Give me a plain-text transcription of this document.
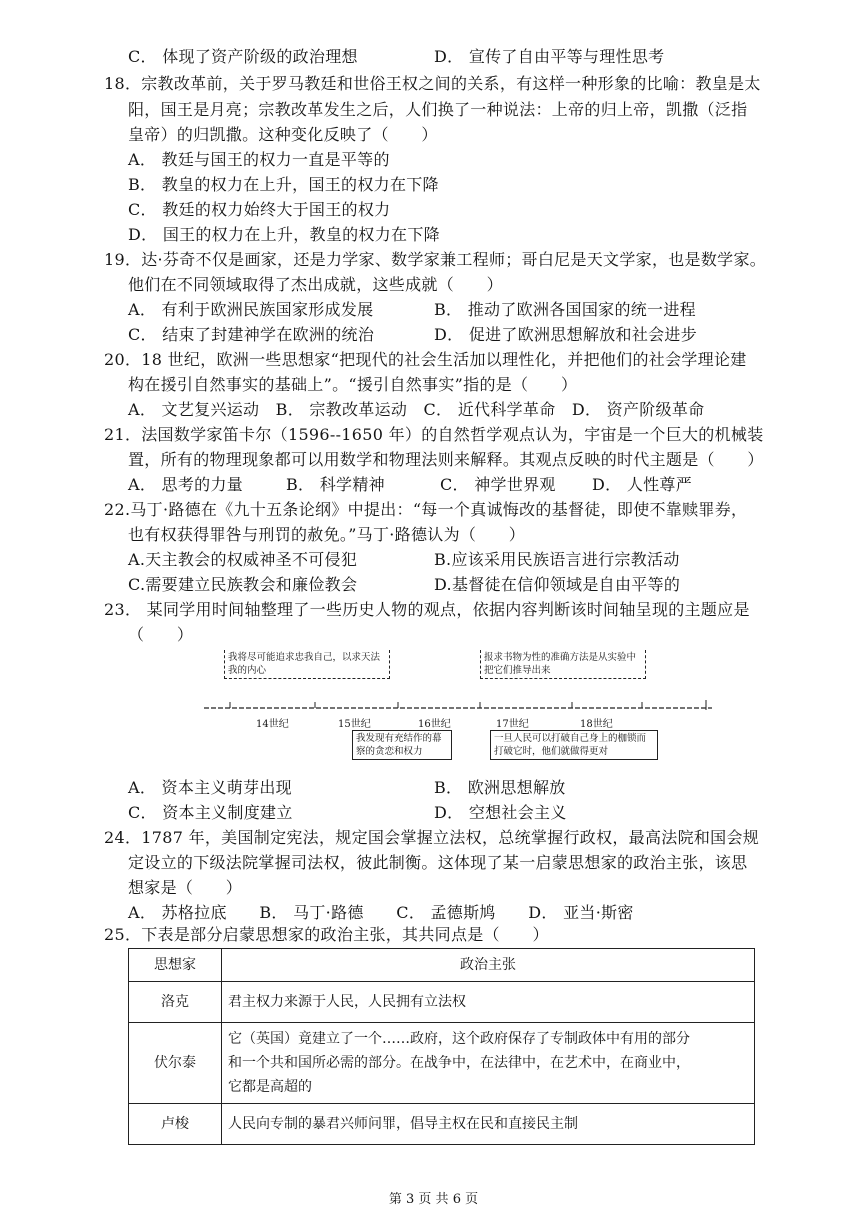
C． 体现了资产阶级的政治理想	D． 宣传了自由平等与理性思考
18．宗教改革前，关于罗马教廷和世俗王权之间的关系，有这样一种形象的比喻：教皇是太
阳，国王是月亮；宗教改革发生之后，人们换了一种说法：上帝的归上帝，凯撒（泛指
皇帝）的归凯撒。这种变化反映了（　　）
A． 教廷与国王的权力一直是平等的
B． 教皇的权力在上升，国王的权力在下降
C． 教廷的权力始终大于国王的权力
D． 国王的权力在上升，教皇的权力在下降
19．达·芬奇不仅是画家，还是力学家、数学家兼工程师；哥白尼是天文学家，也是数学家。
他们在不同领域取得了杰出成就，这些成就（　　）
A． 有利于欧洲民族国家形成发展	B． 推动了欧洲各国国家的统一进程
C． 结束了封建神学在欧洲的统治	D． 促进了欧洲思想解放和社会进步
20．18 世纪，欧洲一些思想家“把现代的社会生活加以理性化，并把他们的社会学理论建
构在援引自然事实的基础上”。“援引自然事实”指的是（　　）
A． 文艺复兴运动　B． 宗教改革运动　C． 近代科学革命　D． 资产阶级革命
21．法国数学家笛卡尔（1596--1650 年）的自然哲学观点认为，宇宙是一个巨大的机械装
置，所有的物理现象都可以用数学和物理法则来解释。其观点反映的时代主题是（　　）
A． 思考的力量	B． 科学精神	C． 神学世界观 D． 人性尊严
22.马丁·路德在《九十五条论纲》中提出：“每一个真诚悔改的基督徒，即使不靠赎罪券，
也有权获得罪咎与刑罚的赦免。”马丁·路德认为（　　）
A.天主教会的权威神圣不可侵犯	B.应该采用民族语言进行宗教活动
C.需要建立民族教会和廉俭教会	D.基督徒在信仰领域是自由平等的
23． 某同学用时间轴整理了一些历史人物的观点，依据内容判断该时间轴呈现的主题应是
（　　）
我将尽可能追求忠我自己，以求天法我的内心
报求书物为性的准确方法是从实验中把它们推导出来
14世纪	15世纪	16世纪	17世纪	18世纪
我发现有充结作的幕察的贪恋和权力
一旦人民可以打破自己身上的枷锁而打破它时，他们就做得更对
A． 资本主义萌芽出现	B． 欧洲思想解放
C． 资本主义制度建立	D． 空想社会主义
24．1787 年，美国制定宪法，规定国会掌握立法权，总统掌握行政权，最高法院和国会规
定设立的下级法院掌握司法权，彼此制衡。这体现了某一启蒙思想家的政治主张，该思
想家是（　　）
A． 苏格拉底　　B． 马丁·路德　　C． 孟德斯鸠　　D． 亚当·斯密
25．下表是部分启蒙思想家的政治主张，其共同点是（　　）
思想家	政治主张
洛克	君主权力来源于人民，人民拥有立法权
伏尔泰	它（英国）竟建立了一个……政府，这个政府保存了专制政体中有用的部分
和一个共和国所必需的部分。在战争中，在法律中，在艺术中，在商业中，
它都是高超的

卢梭	人民向专制的暴君兴师问罪，倡导主权在民和直接民主制
第 3 页 共 6 页
